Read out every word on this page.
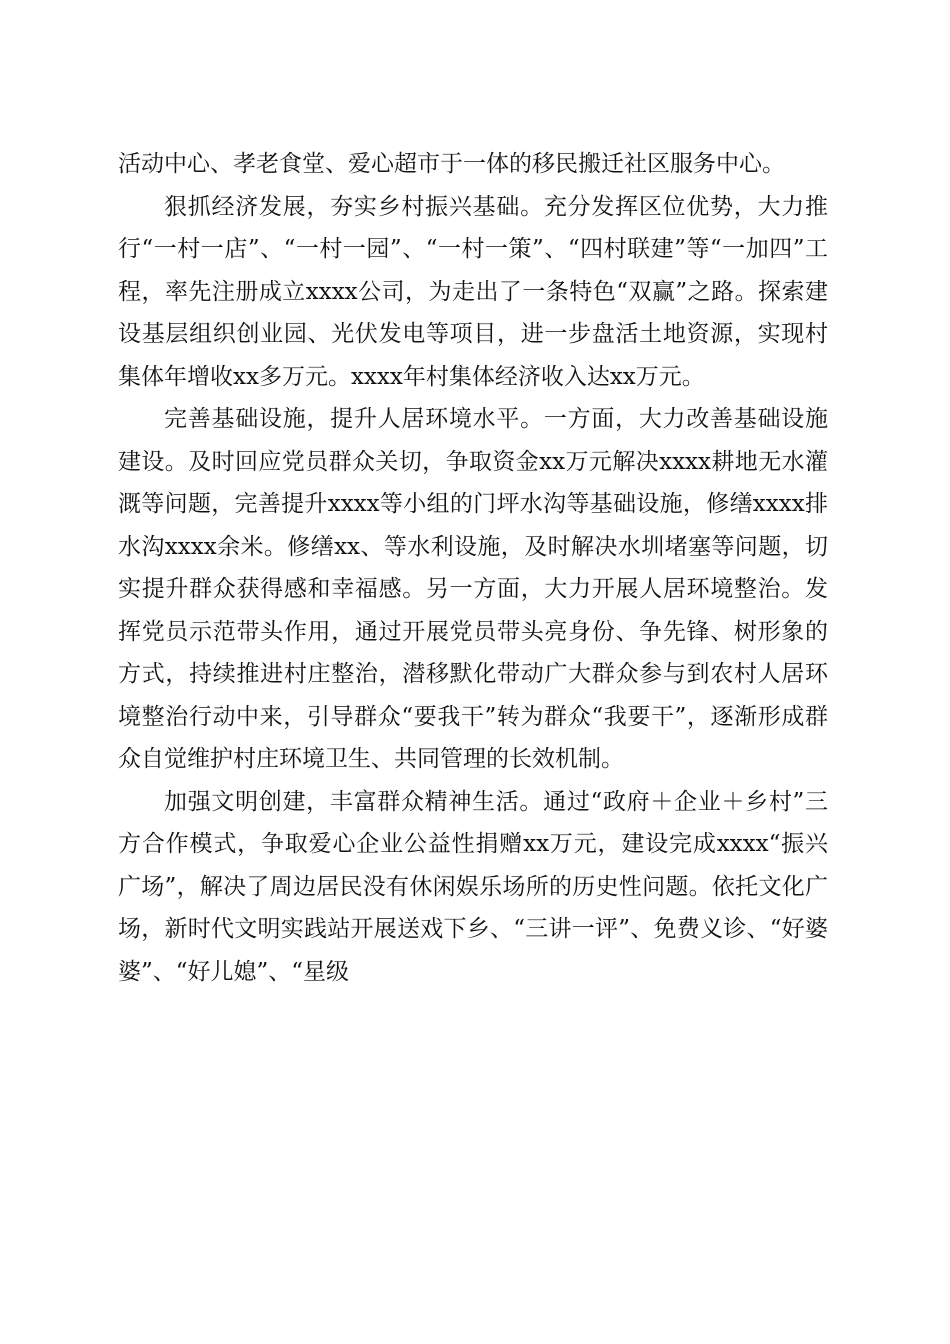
活动中心、孝老食堂、爱心超市于一体的移民搬迁社区服务中心。

狠抓经济发展，夯实乡村振兴基础。充分发挥区位优势，大力推行“一村一店”、“一村一园”、“一村一策”、“四村联建”等“一加四”工程，率先注册成立xxxx公司，为走出了一条特色“双赢”之路。探索建设基层组织创业园、光伏发电等项目，进一步盘活土地资源，实现村集体年增收xx多万元。xxxx年村集体经济收入达xx万元。

完善基础设施，提升人居环境水平。一方面，大力改善基础设施建设。及时回应党员群众关切，争取资金xx万元解决xxxx耕地无水灌溉等问题，完善提升xxxx等小组的门坪水沟等基础设施，修缮xxxx排水沟xxxx余米。修缮xx、等水利设施，及时解决水圳堵塞等问题，切实提升群众获得感和幸福感。另一方面，大力开展人居环境整治。发挥党员示范带头作用，通过开展党员带头亮身份、争先锋、树形象的方式，持续推进村庄整治，潜移默化带动广大群众参与到农村人居环境整治行动中来，引导群众“要我干”转为群众“我要干”，逐渐形成群众自觉维护村庄环境卫生、共同管理的长效机制。

加强文明创建，丰富群众精神生活。通过“政府＋企业＋乡村”三方合作模式，争取爱心企业公益性捐赠xx万元，建设完成xxxx“振兴广场”，解决了周边居民没有休闲娱乐场所的历史性问题。依托文化广场，新时代文明实践站开展送戏下乡、“三讲一评”、免费义诊、“好婆婆”、“好儿媳”、“星级
